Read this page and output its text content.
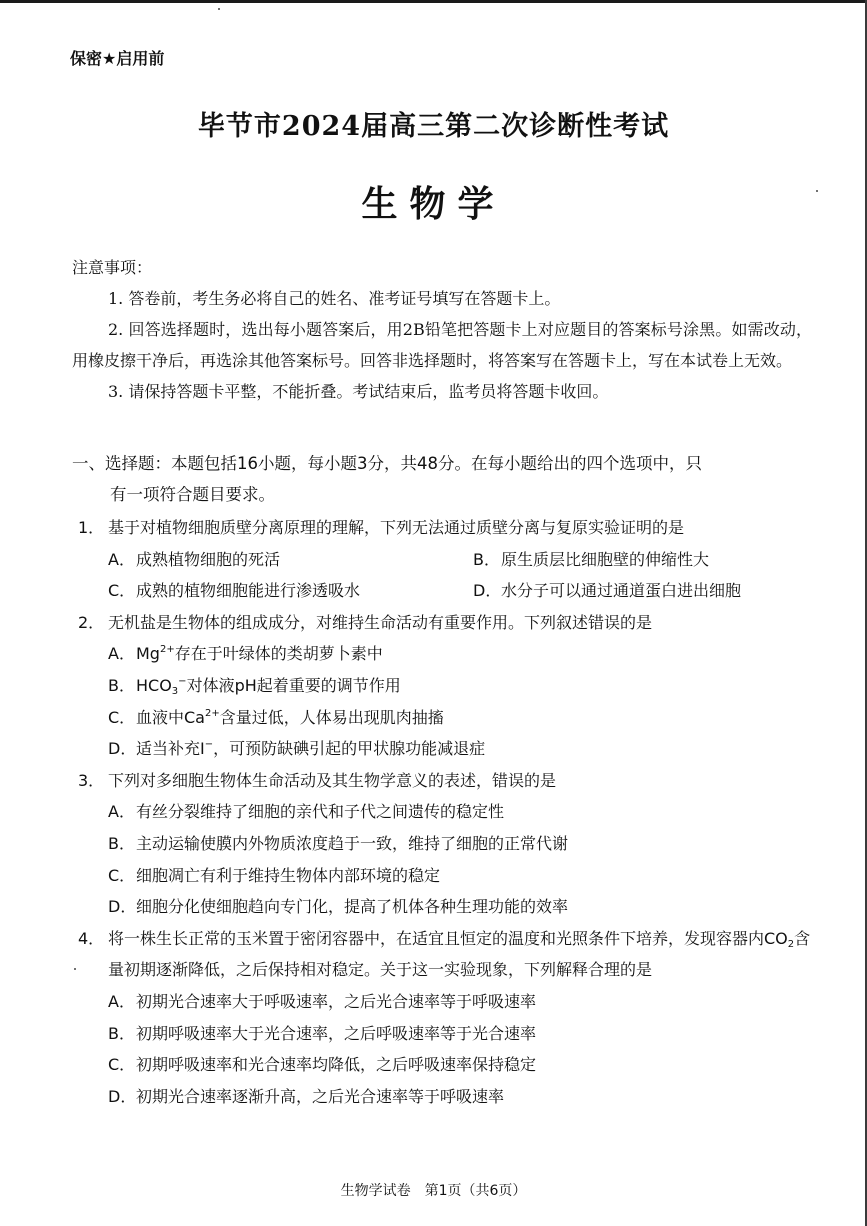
保密★启用前
毕节市2024届高三第二次诊断性考试
生物学
注意事项：
1. 答卷前，考生务必将自己的姓名、准考证号填写在答题卡上。
2. 回答选择题时，选出每小题答案后，用2B铅笔把答题卡上对应题目的答案标号涂黑。如需改动，用橡皮擦干净后，再选涂其他答案标号。回答非选择题时，将答案写在答题卡上，写在本试卷上无效。
3. 请保持答题卡平整，不能折叠。考试结束后，监考员将答题卡收回。
一、选择题：本题包括16小题，每小题3分，共48分。在每小题给出的四个选项中，只
有一项符合题目要求。
1． 基于对植物细胞质壁分离原理的理解，下列无法通过质壁分离与复原实验证明的是
A．成熟植物细胞的死活	B．原生质层比细胞壁的伸缩性大
C．成熟的植物细胞能进行渗透吸水	D．水分子可以通过通道蛋白进出细胞
2． 无机盐是生物体的组成成分，对维持生命活动有重要作用。下列叙述错误的是
A．$Mg^{2+}$存在于叶绿体的类胡萝卜素中
B．$HCO_3^-$对体液pH起着重要的调节作用
C．血液中$Ca^{2+}$含量过低，人体易出现肌肉抽搐
D．适当补充I−，可预防缺碘引起的甲状腺功能减退症
3． 下列对多细胞生物体生命活动及其生物学意义的表述，错误的是
A．有丝分裂维持了细胞的亲代和子代之间遗传的稳定性
B．主动运输使膜内外物质浓度趋于一致，维持了细胞的正常代谢
C．细胞凋亡有利于维持生物体内部环境的稳定
D．细胞分化使细胞趋向专门化，提高了机体各种生理功能的效率
4． 将一株生长正常的玉米置于密闭容器中，在适宜且恒定的温度和光照条件下培养，发现容器内$CO_2$含量初期逐渐降低，之后保持相对稳定。关于这一实验现象，下列解释合理的是
A．初期光合速率大于呼吸速率，之后光合速率等于呼吸速率
B．初期呼吸速率大于光合速率，之后呼吸速率等于光合速率
C．初期呼吸速率和光合速率均降低，之后呼吸速率保持稳定
D．初期光合速率逐渐升高，之后光合速率等于呼吸速率
生物学试卷　第1页（共6页）
